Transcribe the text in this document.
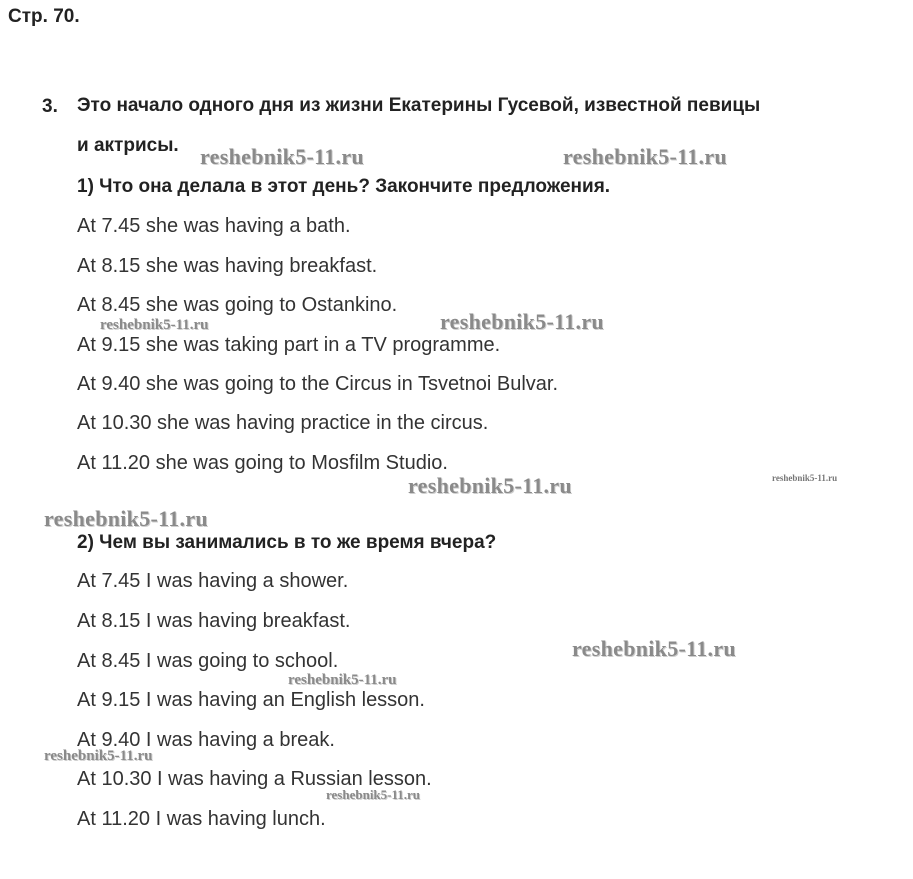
Стр. 70.
3. Это начало одного дня из жизни Екатерины Гусевой, известной певицы
и актрисы.
1) Что она делала в этот день? Закончите предложения.
At 7.45 she was having a bath.
At 8.15 she was having breakfast.
At 8.45 she was going to Ostankino.
At 9.15 she was taking part in a TV programme.
At 9.40 she was going to the Circus in Tsvetnoi Bulvar.
At 10.30 she was having practice in the circus.
At 11.20 she was going to Mosfilm Studio.
2) Чем вы занимались в то же время вчера?
At 7.45 I was having a shower.
At 8.15 I was having breakfast.
At 8.45 I was going to school.
At 9.15 I was having an English lesson.
At 9.40 I was having a break.
At 10.30 I was having a Russian lesson.
At 11.20 I was having lunch.
reshebnik5-11.ru	reshebnik5-11.ru
reshebnik5-11.ru	reshebnik5-11.ru
reshebnik5-11.ru	reshebnik5-11.ru
reshebnik5-11.ru
reshebnik5-11.ru
reshebnik5-11.ru
reshebnik5-11.ru
reshebnik5-11.ru
